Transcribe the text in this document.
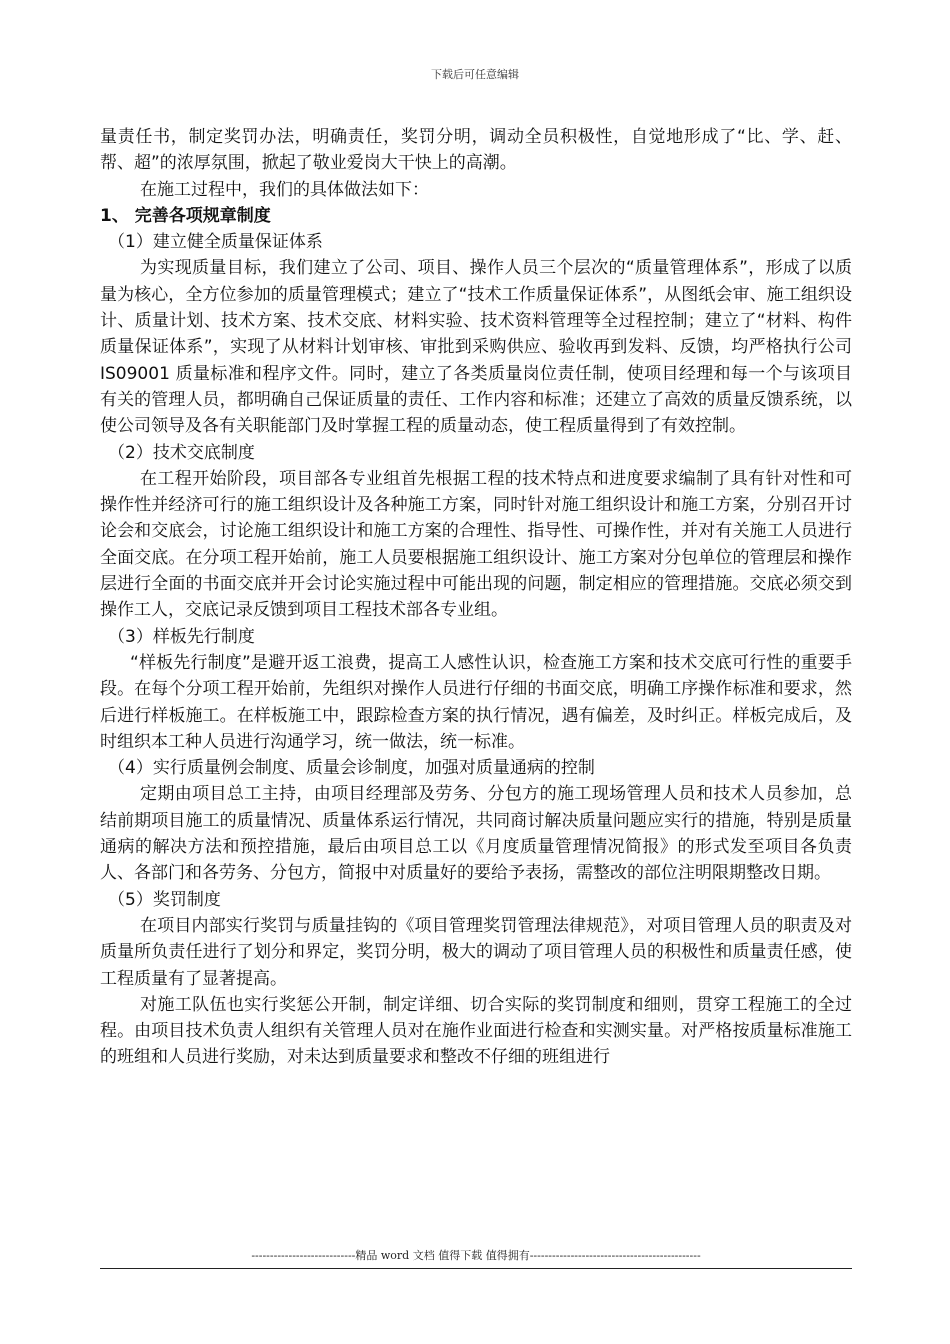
下载后可任意编辑

量责任书，制定奖罚办法，明确责任，奖罚分明，调动全员积极性，自觉地形成了“比、学、赶、帮、超”的浓厚氛围，掀起了敬业爱岗大干快上的高潮。

在施工过程中，我们的具体做法如下：

1、 完善各项规章制度

（1）建立健全质量保证体系

为实现质量目标，我们建立了公司、项目、操作人员三个层次的“质量管理体系”，形成了以质量为核心，全方位参加的质量管理模式；建立了“技术工作质量保证体系”，从图纸会审、施工组织设计、质量计划、技术方案、技术交底、材料实验、技术资料管理等全过程控制；建立了“材料、构件质量保证体系”，实现了从材料计划审核、审批到采购供应、验收再到发料、反馈，均严格执行公司 IS09001 质量标准和程序文件。同时，建立了各类质量岗位责任制，使项目经理和每一个与该项目有关的管理人员，都明确自己保证质量的责任、工作内容和标准；还建立了高效的质量反馈系统，以使公司领导及各有关职能部门及时掌握工程的质量动态，使工程质量得到了有效控制。

（2）技术交底制度

在工程开始阶段，项目部各专业组首先根据工程的技术特点和进度要求编制了具有针对性和可操作性并经济可行的施工组织设计及各种施工方案，同时针对施工组织设计和施工方案，分别召开讨论会和交底会，讨论施工组织设计和施工方案的合理性、指导性、可操作性，并对有关施工人员进行全面交底。在分项工程开始前，施工人员要根据施工组织设计、施工方案对分包单位的管理层和操作层进行全面的书面交底并开会讨论实施过程中可能出现的问题，制定相应的管理措施。交底必须交到操作工人，交底记录反馈到项目工程技术部各专业组。

（3）样板先行制度

“样板先行制度”是避开返工浪费，提高工人感性认识，检查施工方案和技术交底可行性的重要手段。在每个分项工程开始前，先组织对操作人员进行仔细的书面交底，明确工序操作标准和要求，然后进行样板施工。在样板施工中，跟踪检查方案的执行情况，遇有偏差，及时纠正。样板完成后，及时组织本工种人员进行沟通学习，统一做法，统一标准。

（4）实行质量例会制度、质量会诊制度，加强对质量通病的控制

定期由项目总工主持，由项目经理部及劳务、分包方的施工现场管理人员和技术人员参加，总结前期项目施工的质量情况、质量体系运行情况，共同商讨解决质量问题应实行的措施，特别是质量通病的解决方法和预控措施，最后由项目总工以《月度质量管理情况简报》的形式发至项目各负责人、各部门和各劳务、分包方，简报中对质量好的要给予表扬，需整改的部位注明限期整改日期。

（5）奖罚制度

在项目内部实行奖罚与质量挂钩的《项目管理奖罚管理法律规范》，对项目管理人员的职责及对质量所负责任进行了划分和界定，奖罚分明，极大的调动了项目管理人员的积极性和质量责任感，使工程质量有了显著提高。

对施工队伍也实行奖惩公开制，制定详细、切合实际的奖罚制度和细则，贯穿工程施工的全过程。由项目技术负责人组织有关管理人员对在施作业面进行检查和实测实量。对严格按质量标准施工的班组和人员进行奖励，对未达到质量要求和整改不仔细的班组进行

----------------------------精品 word 文档 值得下载 值得拥有----------------------------------------------
